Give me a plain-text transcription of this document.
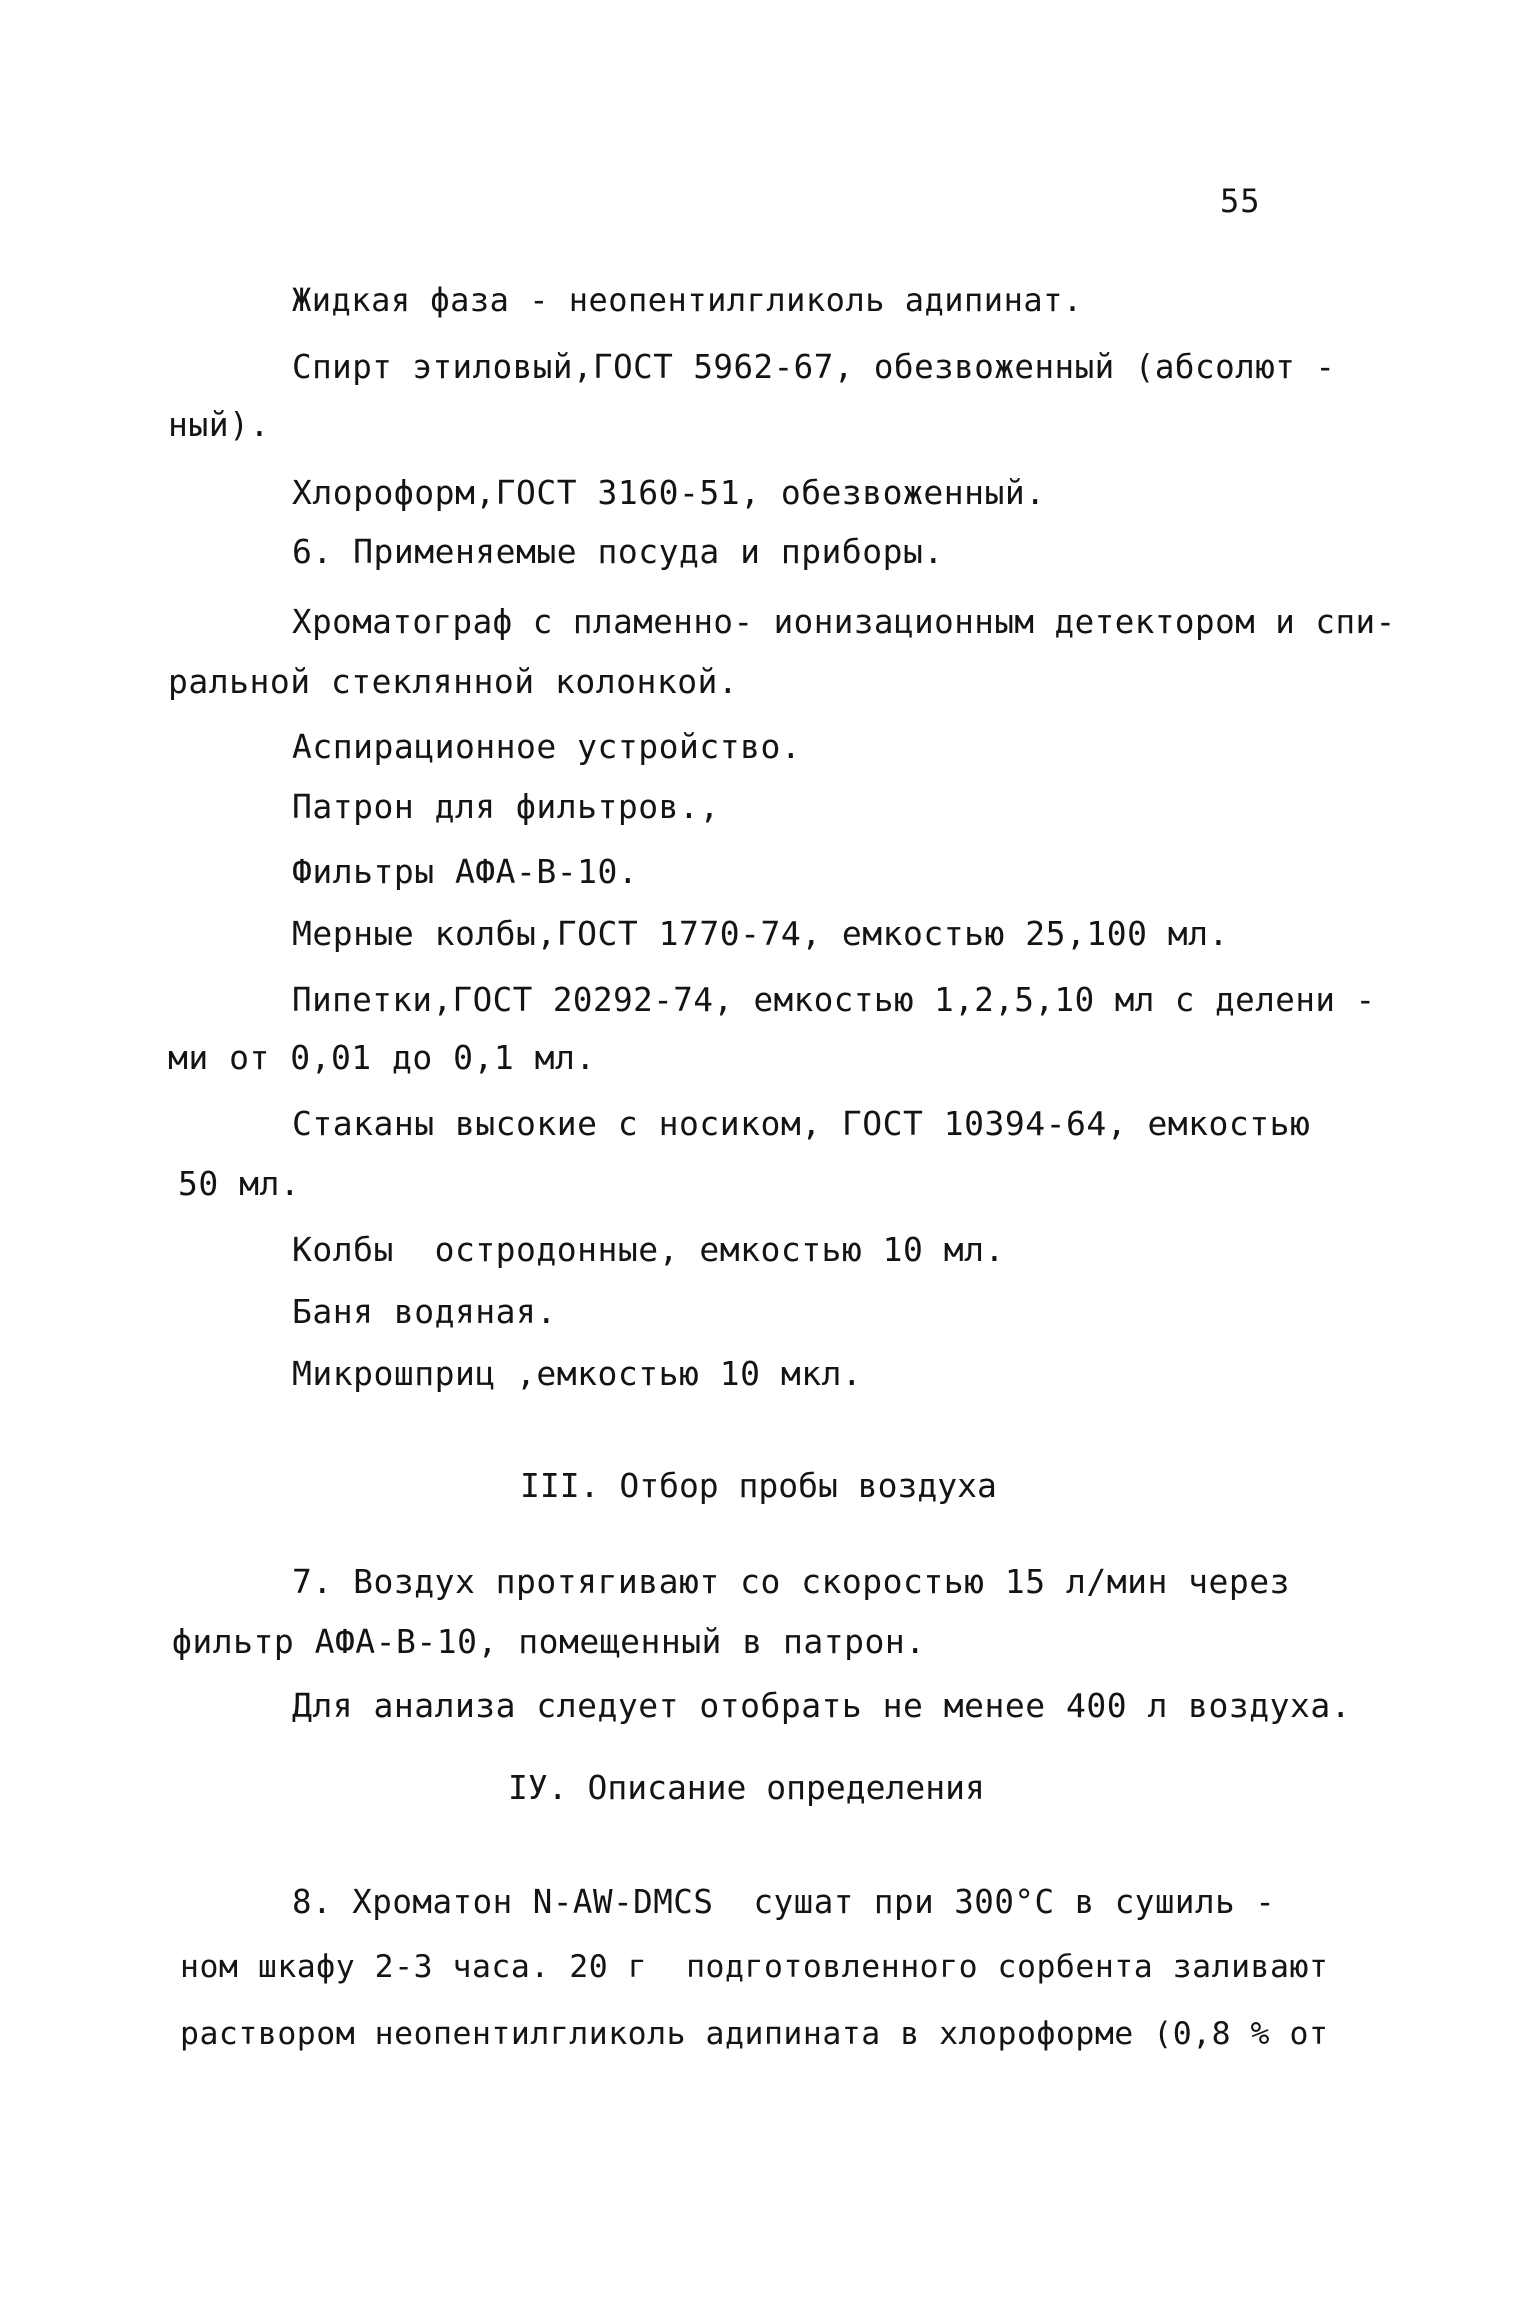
55
Жидкая фаза - неопентилгликоль адипинат.
Спирт этиловый,ГОСТ 5962-67, обезвоженный (абсолют -
ный).
Хлороформ,ГОСТ 3160-51, обезвоженный.
6. Применяемые посуда и приборы.
Хроматограф с пламенно- ионизационным детектором и спи-
ральной стеклянной колонкой.
Аспирационное устройство.
Патрон для фильтров.,
Фильтры АФА-В-10.
Мерные колбы,ГОСТ 1770-74, емкостью 25,100 мл.
Пипетки,ГОСТ 20292-74, емкостью 1,2,5,10 мл с делени -
ми от 0,01 до 0,1 мл.
Стаканы высокие с носиком, ГОСТ 10394-64, емкостью
50 мл.
Колбы  остродонные, емкостью 10 мл.
Баня водяная.
Микрошприц ,емкостью 10 мкл.
III. Отбор пробы воздуха
7. Воздух протягивают со скоростью 15 л/мин через
фильтр АФА-В-10, помещенный в патрон.
Для анализа следует отобрать не менее 400 л воздуха.
IУ. Описание определения
8. Хроматон N-AW-DMCS  сушат при 300°С в сушиль -
ном шкафу 2-3 часа. 20 г  подготовленного сорбента заливают
раствором неопентилгликоль адипината в хлороформе (0,8 % от
